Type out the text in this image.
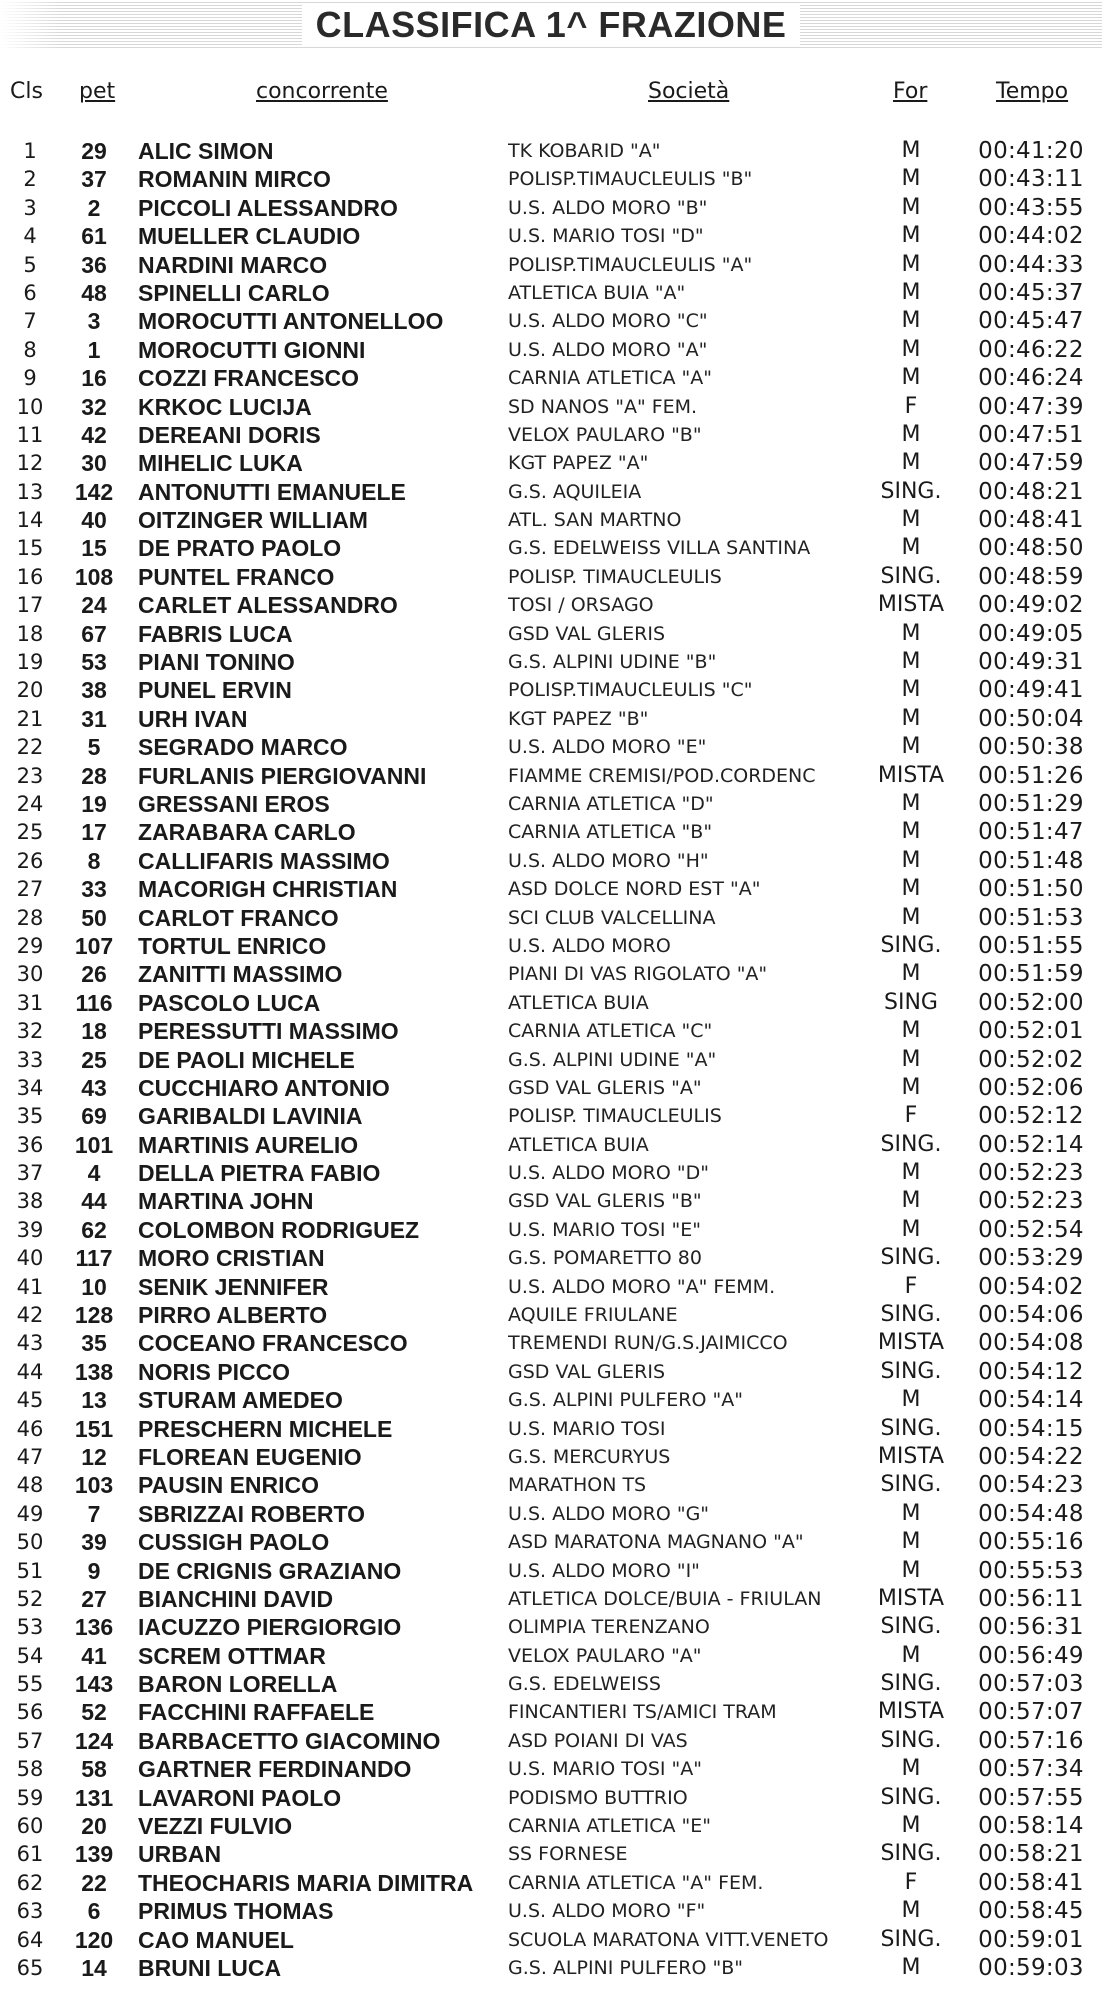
CLASSIFICA 1^ FRAZIONE
Cls pet	concorrente	Società	For	Tempo
1	29	ALIC SIMON	TK KOBARID "A"	M	00:41:20
2	37	ROMANIN MIRCO	POLISP.TIMAUCLEULIS "B"	M	00:43:11
3	2	PICCOLI ALESSANDRO	U.S. ALDO MORO "B"	M	00:43:55
4	61	MUELLER CLAUDIO	U.S. MARIO TOSI "D"	M	00:44:02
5	36	NARDINI MARCO	POLISP.TIMAUCLEULIS "A"	M	00:44:33
6	48	SPINELLI CARLO	ATLETICA BUIA "A"	M	00:45:37
7	3	MOROCUTTI ANTONELLOO	U.S. ALDO MORO "C"	M	00:45:47
8	1	MOROCUTTI GIONNI	U.S. ALDO MORO "A"	M	00:46:22
9	16	COZZI FRANCESCO	CARNIA ATLETICA "A"	M	00:46:24
10	32	KRKOC LUCIJA	SD NANOS "A" FEM.	F	00:47:39
11	42	DEREANI DORIS	VELOX PAULARO "B"	M	00:47:51
12	30	MIHELIC LUKA	KGT PAPEZ "A"	M	00:47:59
13	142	ANTONUTTI EMANUELE	G.S. AQUILEIA	SING.	00:48:21
14	40	OITZINGER WILLIAM	ATL. SAN MARTNO	M	00:48:41
15	15	DE PRATO PAOLO	G.S. EDELWEISS VILLA SANTINA	M	00:48:50
16	108	PUNTEL FRANCO	POLISP. TIMAUCLEULIS	SING.	00:48:59
17	24	CARLET ALESSANDRO	TOSI / ORSAGO	MISTA	00:49:02
18	67	FABRIS LUCA	GSD VAL GLERIS	M	00:49:05
19	53	PIANI TONINO	G.S. ALPINI UDINE "B"	M	00:49:31
20	38	PUNEL ERVIN	POLISP.TIMAUCLEULIS "C"	M	00:49:41
21	31	URH IVAN	KGT PAPEZ "B"	M	00:50:04
22	5	SEGRADO MARCO	U.S. ALDO MORO "E"	M	00:50:38
23	28	FURLANIS PIERGIOVANNI	FIAMME CREMISI/POD.CORDENC	MISTA	00:51:26
24	19	GRESSANI EROS	CARNIA ATLETICA "D"	M	00:51:29
25	17	ZARABARA CARLO	CARNIA ATLETICA "B"	M	00:51:47
26	8	CALLIFARIS MASSIMO	U.S. ALDO MORO "H"	M	00:51:48
27	33	MACORIGH CHRISTIAN	ASD DOLCE NORD EST "A"	M	00:51:50
28	50	CARLOT FRANCO	SCI CLUB VALCELLINA	M	00:51:53
29	107	TORTUL ENRICO	U.S. ALDO MORO	SING.	00:51:55
30	26	ZANITTI MASSIMO	PIANI DI VAS RIGOLATO "A"	M	00:51:59
31	116	PASCOLO LUCA	ATLETICA BUIA	SING	00:52:00
32	18	PERESSUTTI MASSIMO	CARNIA ATLETICA "C"	M	00:52:01
33	25	DE PAOLI MICHELE	G.S. ALPINI UDINE "A"	M	00:52:02
34	43	CUCCHIARO ANTONIO	GSD VAL GLERIS "A"	M	00:52:06
35	69	GARIBALDI LAVINIA	POLISP. TIMAUCLEULIS	F	00:52:12
36	101	MARTINIS AURELIO	ATLETICA BUIA	SING.	00:52:14
37	4	DELLA PIETRA FABIO	U.S. ALDO MORO "D"	M	00:52:23
38	44	MARTINA JOHN	GSD VAL GLERIS "B"	M	00:52:23
39	62	COLOMBON RODRIGUEZ	U.S. MARIO TOSI "E"	M	00:52:54
40	117	MORO CRISTIAN	G.S. POMARETTO 80	SING.	00:53:29
41	10	SENIK JENNIFER	U.S. ALDO MORO "A" FEMM.	F	00:54:02
42	128	PIRRO ALBERTO	AQUILE FRIULANE	SING.	00:54:06
43	35	COCEANO FRANCESCO	TREMENDI RUN/G.S.JAIMICCO	MISTA	00:54:08
44	138	NORIS PICCO	GSD VAL GLERIS	SING.	00:54:12
45	13	STURAM AMEDEO	G.S. ALPINI PULFERO "A"	M	00:54:14
46	151	PRESCHERN MICHELE	U.S. MARIO TOSI	SING.	00:54:15
47	12	FLOREAN EUGENIO	G.S. MERCURYUS	MISTA	00:54:22
48	103	PAUSIN ENRICO	MARATHON TS	SING.	00:54:23
49	7	SBRIZZAI ROBERTO	U.S. ALDO MORO "G"	M	00:54:48
50	39	CUSSIGH PAOLO	ASD MARATONA MAGNANO "A"	M	00:55:16
51	9	DE CRIGNIS GRAZIANO	U.S. ALDO MORO "I"	M	00:55:53
52	27	BIANCHINI DAVID	ATLETICA DOLCE/BUIA - FRIULAN	MISTA	00:56:11
53	136	IACUZZO PIERGIORGIO	OLIMPIA TERENZANO	SING.	00:56:31
54	41	SCREM OTTMAR	VELOX PAULARO "A"	M	00:56:49
55	143	BARON LORELLA	G.S. EDELWEISS	SING.	00:57:03
56	52	FACCHINI RAFFAELE	FINCANTIERI TS/AMICI TRAM	MISTA	00:57:07
57	124	BARBACETTO GIACOMINO	ASD POIANI DI VAS	SING.	00:57:16
58	58	GARTNER FERDINANDO	U.S. MARIO TOSI "A"	M	00:57:34
59	131	LAVARONI PAOLO	PODISMO BUTTRIO	SING.	00:57:55
60	20	VEZZI FULVIO	CARNIA ATLETICA "E"	M	00:58:14
61	139	URBAN	SS FORNESE	SING.	00:58:21
62	22	THEOCHARIS MARIA DIMITRA	CARNIA ATLETICA "A" FEM.	F	00:58:41
63	6	PRIMUS THOMAS	U.S. ALDO MORO "F"	M	00:58:45
64	120	CAO MANUEL	SCUOLA MARATONA VITT.VENETO	SING.	00:59:01
65	14	BRUNI LUCA	G.S. ALPINI PULFERO "B"	M	00:59:03
